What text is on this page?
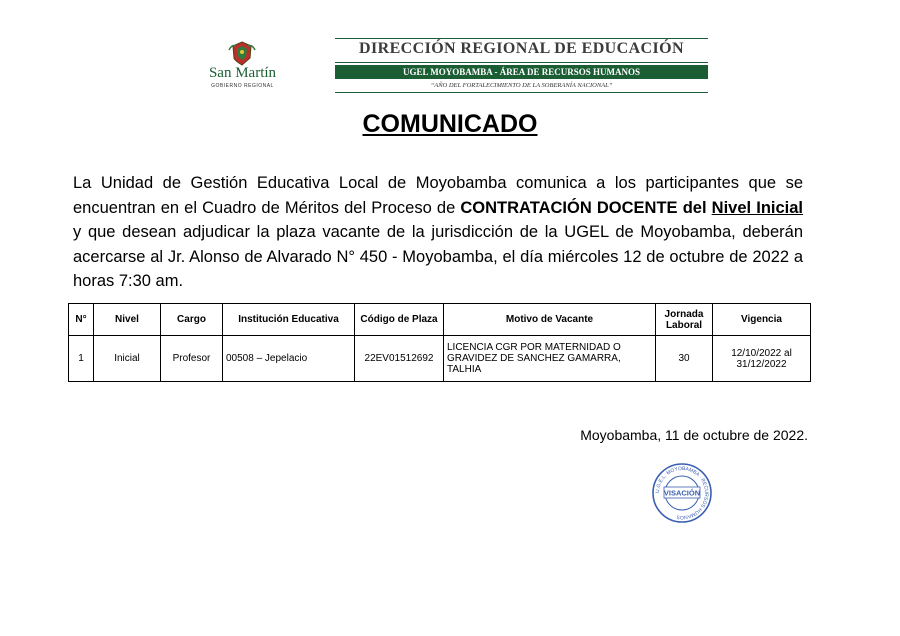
San Martín
GOBIERNO REGIONAL
DIRECCIÓN REGIONAL DE EDUCACIÓN
UGEL MOYOBAMBA - ÁREA DE RECURSOS HUMANOS
“AÑO DEL FORTALECIMIENTO DE LA SOBERANÍA NACIONAL”
COMUNICADO
La Unidad de Gestión Educativa Local de Moyobamba comunica a los participantes que se encuentran en el Cuadro de Méritos del Proceso de CONTRATACIÓN DOCENTE del Nivel Inicial y que desean adjudicar la plaza vacante de la jurisdicción de la UGEL de Moyobamba, deberán acercarse al Jr. Alonso de Alvarado N° 450 - Moyobamba, el día miércoles 12 de octubre de 2022 a horas 7:30 am.
N°	Nivel	Cargo	Institución Educativa	Código de Plaza	Motivo de Vacante	Jornada Laboral	Vigencia
1	Inicial	Profesor	00508 – Jepelacio	22EV01512692	LICENCIA CGR POR MATERNIDAD O GRAVIDEZ DE SANCHEZ GAMARRA, TALHIA	30	12/10/2022 al 31/12/2022
Moyobamba, 11 de octubre de 2022.
U.G.E.L. MOYOBAMBA · RECURSOS HUMANOS
VISACIÓN
